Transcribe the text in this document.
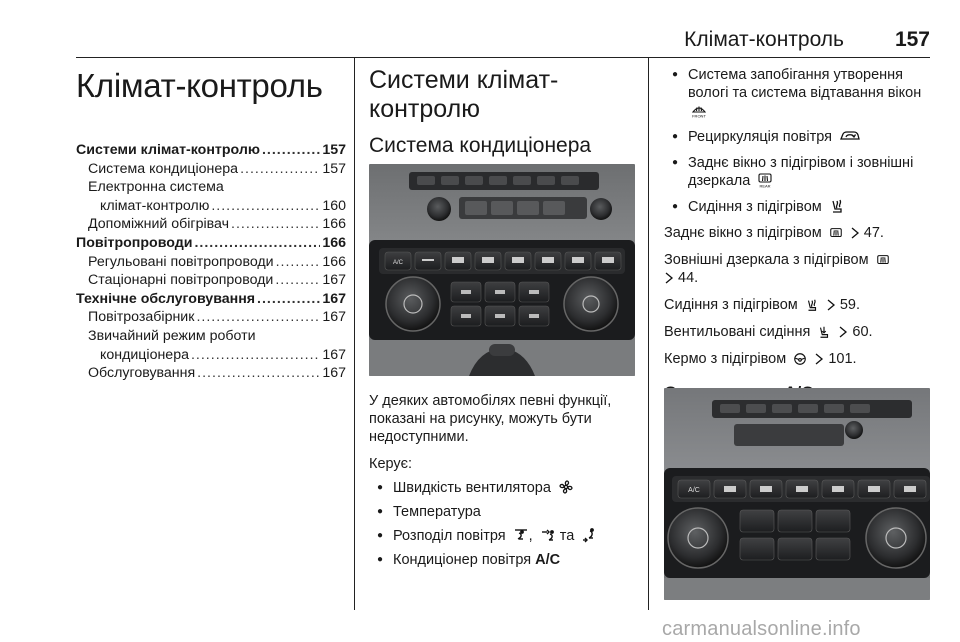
Клімат-контроль 157
Клімат-контроль
Системи клімат-контролю .....	157
Система кондиціонера .....	157
Електронна система
клімат-контролю .....	160
Допоміжний обігрівач .....	166
Повітропроводи .....	166
Регульовані повітропроводи .....	166
Стаціонарні повітропроводи .....	167
Технічне обслуговування .....	167
Повітрозабірник .....	167
Звичайний режим роботи
кондиціонера .....	167
Обслуговування .....	167
Системи клімат-
контролю
Система кондиціонера
A/C

У деяких автомобілях певні функції, показані на рисунку, можуть бути недоступними.

Керує:

● Швидкість вентилятора
● Температура
● Розподіл повітря , та
● Кондиціонер повітря A/C
● Система запобігання утворення вологі та система відтавання вікон
FRONT
● Рециркуляція повітря
● Заднє вікно з підігрівом і зовнішні дзеркала REAR
● Сидіння з підігрівом

Заднє вікно з підігрівом	47.

Зовнішні дзеркала з підігрівом
44.

Сидіння з підігрівом	59.

Вентильовані сидіння	60.

Кермо з підігрівом	101.

A/C
carmanualsonline.info
